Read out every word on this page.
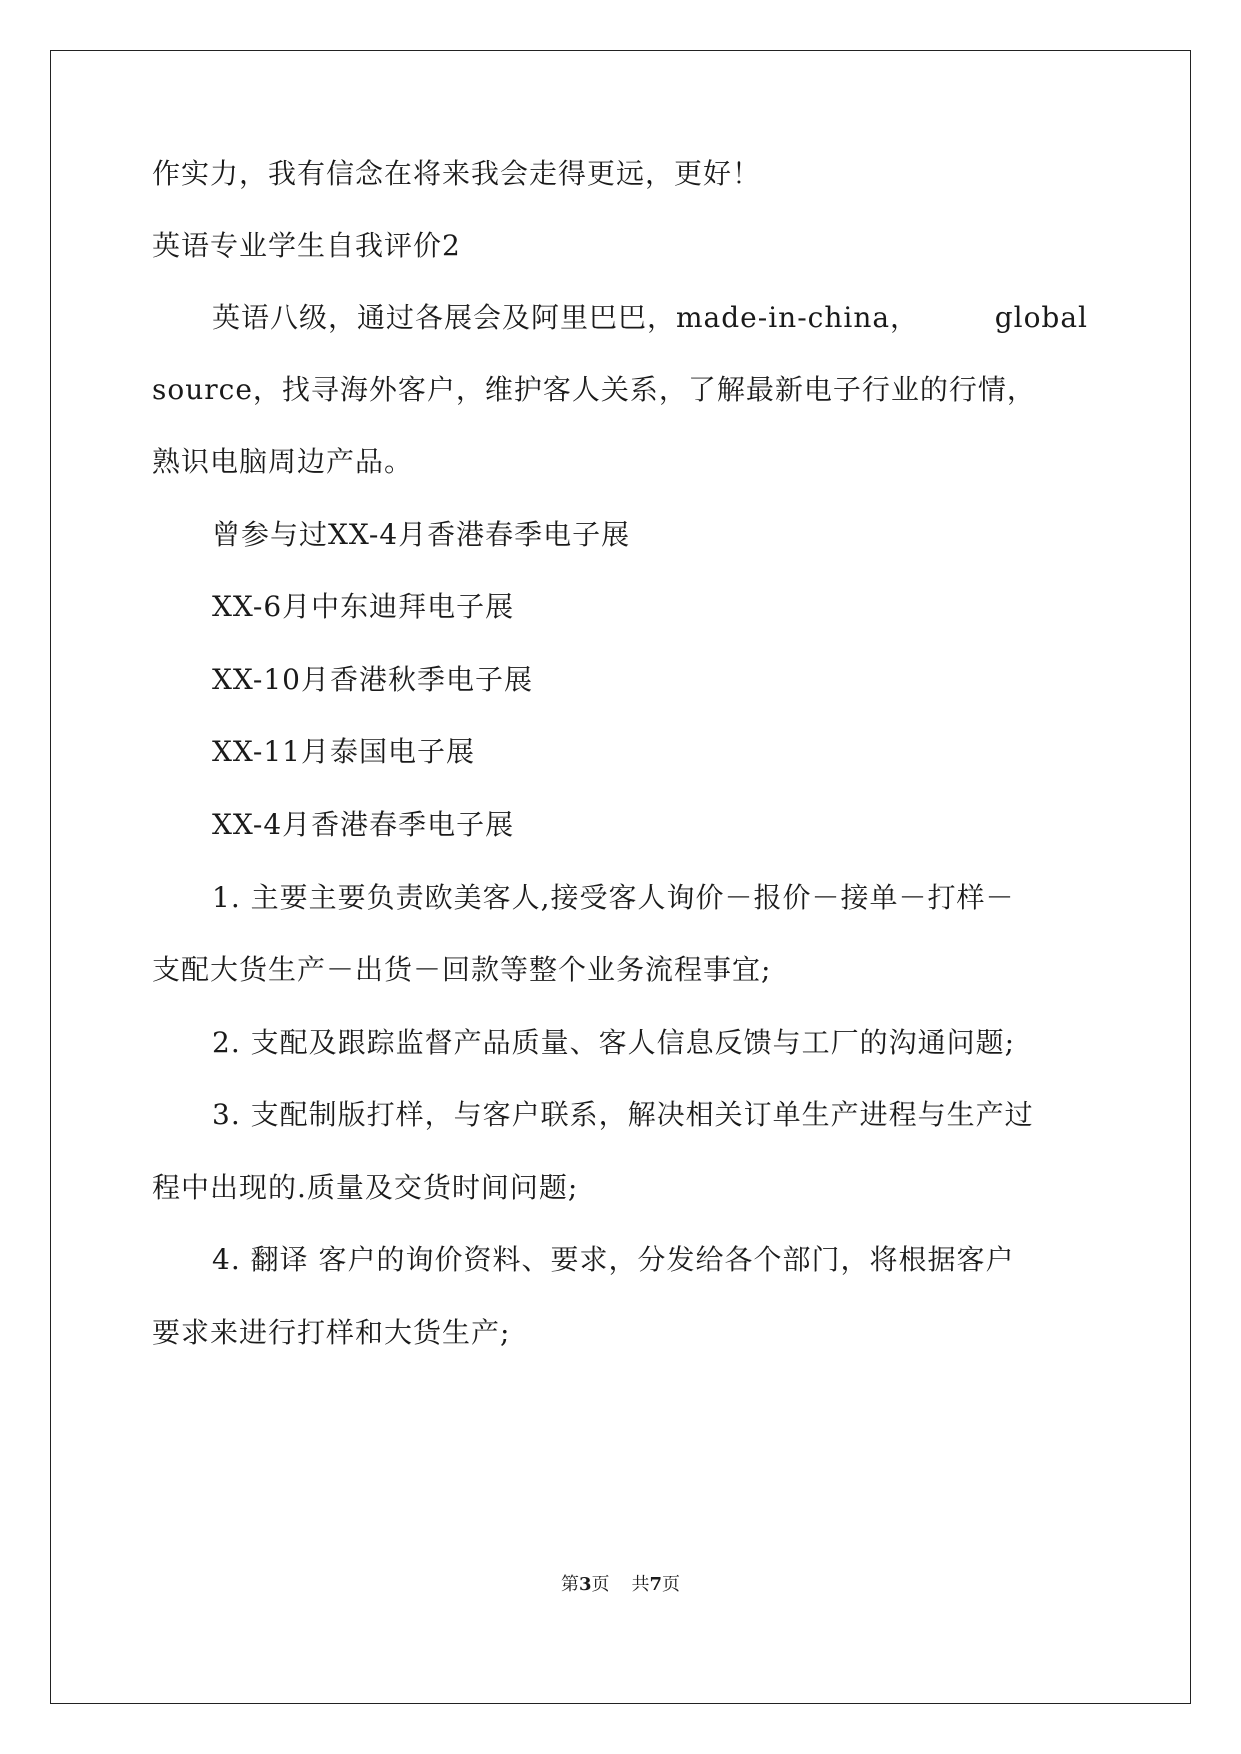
作实力，我有信念在将来我会走得更远，更好！
英语专业学生自我评价2
英语八级，通过各展会及阿里巴巴，made-in-china，	global
source，找寻海外客户，维护客人关系，了解最新电子行业的行情，
熟识电脑周边产品。
曾参与过XX-4月香港春季电子展
XX-6月中东迪拜电子展
XX-10月香港秋季电子展
XX-11月泰国电子展
XX-4月香港春季电子展
1. 主要主要负责欧美客人,接受客人询价－报价－接单－打样－
支配大货生产－出货－回款等整个业务流程事宜;
2. 支配及跟踪监督产品质量、客人信息反馈与工厂的沟通问题;
3. 支配制版打样，与客户联系，解决相关订单生产进程与生产过
程中出现的.质量及交货时间问题;
4. 翻译 客户的询价资料、要求，分发给各个部门，将根据客户
要求来进行打样和大货生产;
第3页 共7页
